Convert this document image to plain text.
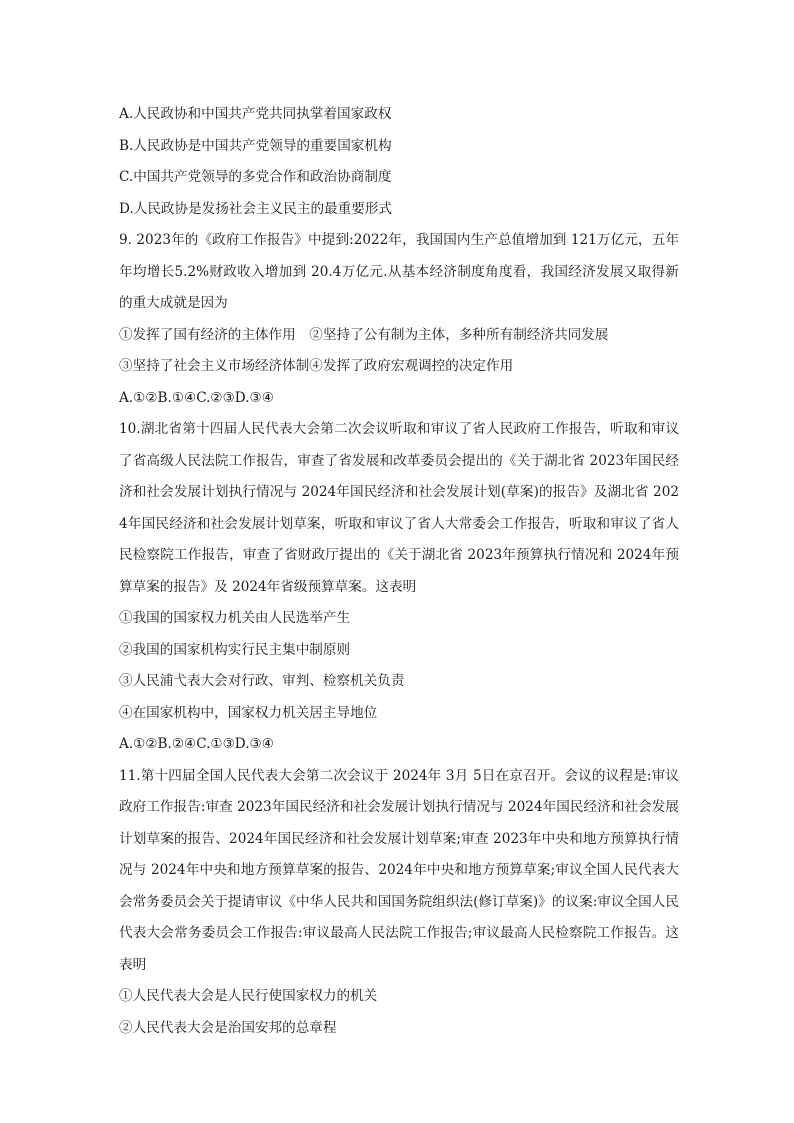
A.人民政协和中国共产党共同执掌着国家政权
B.人民政协是中国共产党领导的重要国家机构
C.中国共产党领导的多党合作和政治协商制度
D.人民政协是发扬社会主义民主的最重要形式
9. 2023年的《政府工作报告》中提到:2022年，我国国内生产总值增加到 121万亿元，五年年均增长5.2%财政收入增加到 20.4万亿元.从基本经济制度角度看，我国经济发展又取得新的重大成就是因为
①发挥了国有经济的主体作用　②坚持了公有制为主体，多种所有制经济共同发展
③坚持了社会主义市场经济体制④发挥了政府宏观调控的决定作用
A.①②B.①④C.②③D.③④
10.湖北省第十四届人民代表大会第二次会议听取和审议了省人民政府工作报告，听取和审议了省高级人民法院工作报告，审查了省发展和改革委员会提出的《关于湖北省 2023年国民经济和社会发展计划执行情况与 2024年国民经济和社会发展计划(草案)的报告》及湖北省 2024年国民经济和社会发展计划草案，听取和审议了省人大常委会工作报告，听取和审议了省人民检察院工作报告，审查了省财政厅提出的《关于湖北省 2023年预算执行情况和 2024年预算草案的报告》及 2024年省级预算草案。这表明
①我国的国家权力机关由人民选举产生
②我国的国家机构实行民主集中制原则
③人民浦弋表大会对行政、审判、检察机关负责
④在国家机构中，国家权力机关居主导地位
A.①②B.②④C.①③D.③④
11.第十四届全国人民代表大会第二次会议于 2024年 3月 5日在京召开。会议的议程是:审议政府工作报告:审查 2023年国民经济和社会发展计划执行情况与 2024年国民经济和社会发展计划草案的报告、2024年国民经济和社会发展计划草案;审查 2023年中央和地方预算执行情况与 2024年中央和地方预算草案的报告、2024年中央和地方预算草案;审议全国人民代表大会常务委员会关于提请审议《中华人民共和国国务院组织法(修订草案)》的议案:审议全国人民代表大会常务委员会工作报告:审议最高人民法院工作报告;审议最高人民检察院工作报告。这表明
①人民代表大会是人民行使国家权力的机关
②人民代表大会是治国安邦的总章程
